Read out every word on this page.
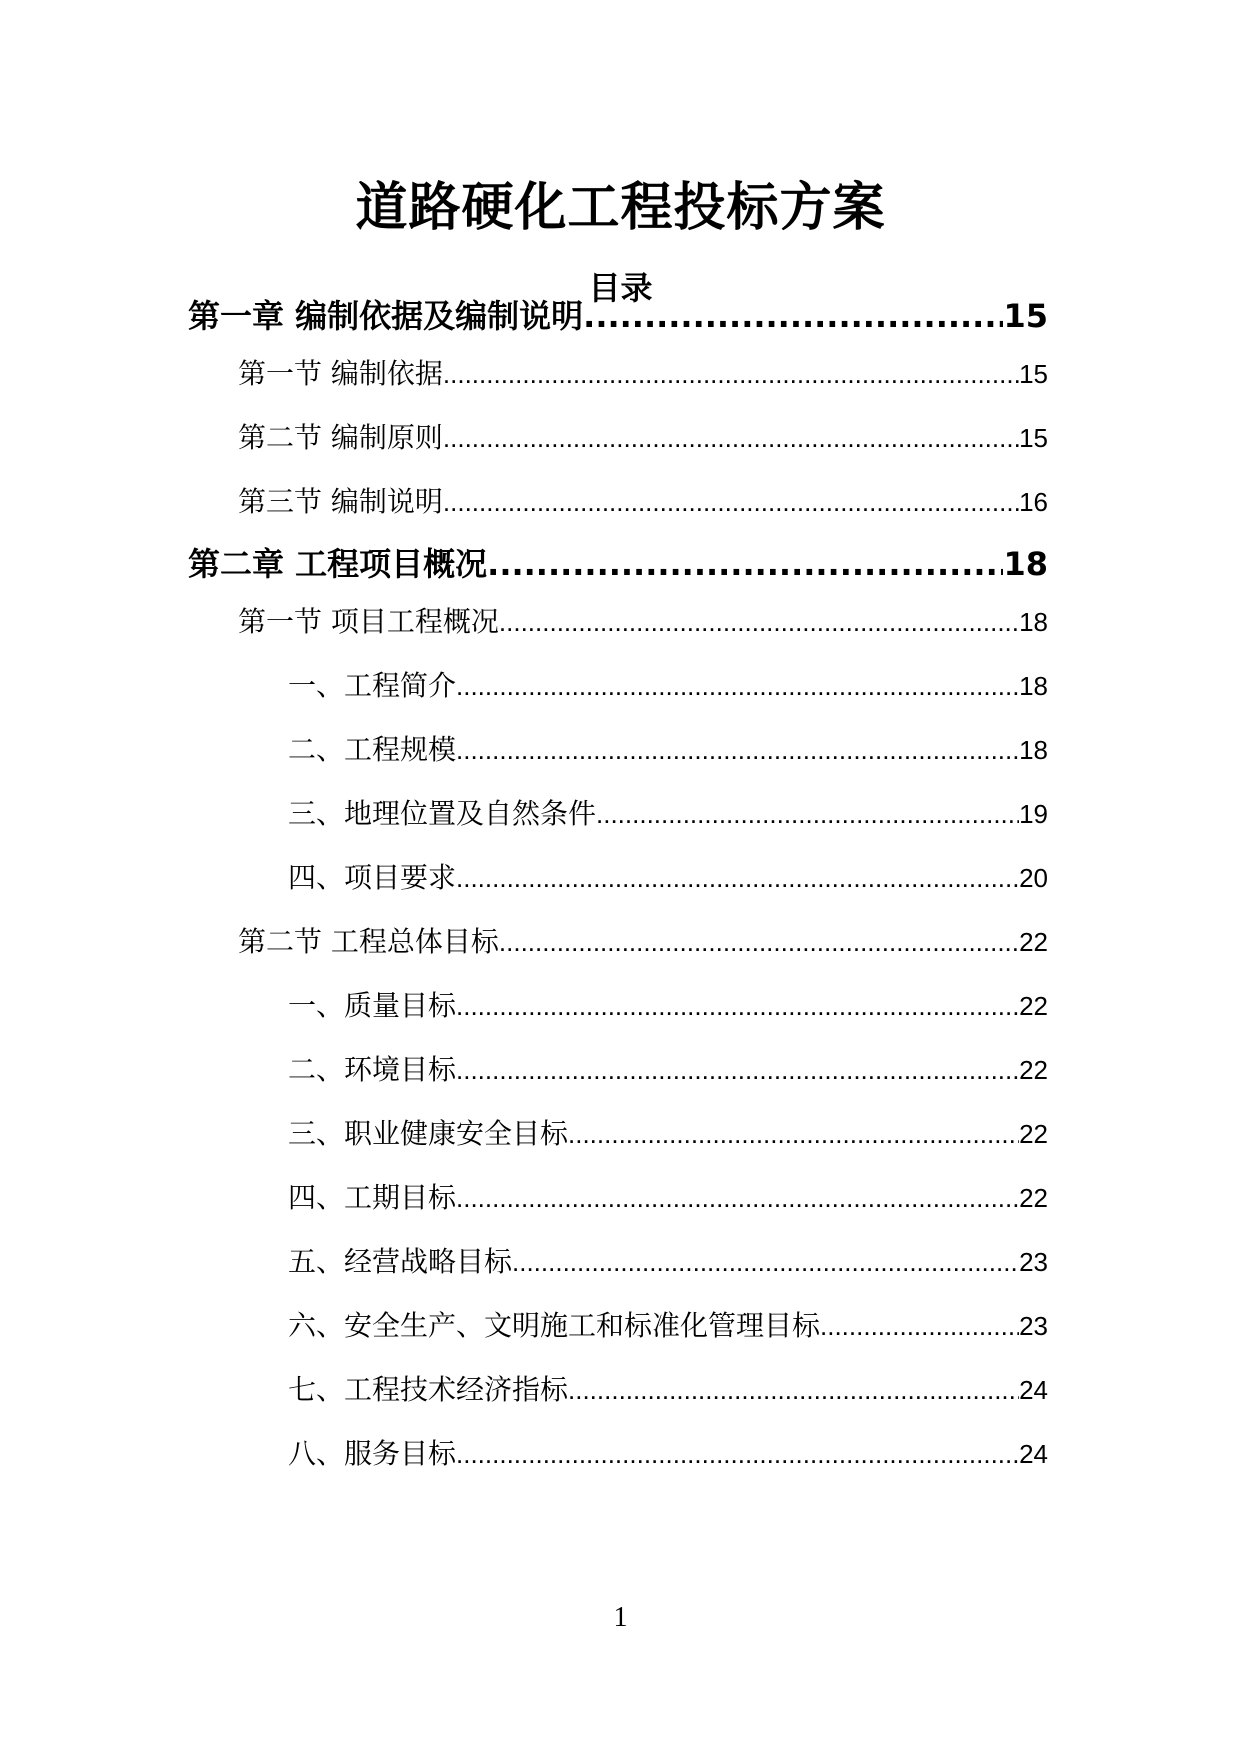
道路硬化工程投标方案
目录
第一章 编制依据及编制说明 .....	15
第一节 编制依据 .....	15
第二节 编制原则 .....	15
第三节 编制说明 .....	16
第二章 工程项目概况 .....	18
第一节 项目工程概况 .....	18
一、工程简介 .....	18
二、工程规模 .....	18
三、地理位置及自然条件 .....	19
四、项目要求 .....	20
第二节 工程总体目标 .....	22
一、质量目标 .....	22
二、环境目标 .....	22
三、职业健康安全目标 .....	22
四、工期目标 .....	22
五、经营战略目标 .....	23
六、安全生产、文明施工和标准化管理目标 .....	23
七、工程技术经济指标 .....	24
八、服务目标 .....	24
1
